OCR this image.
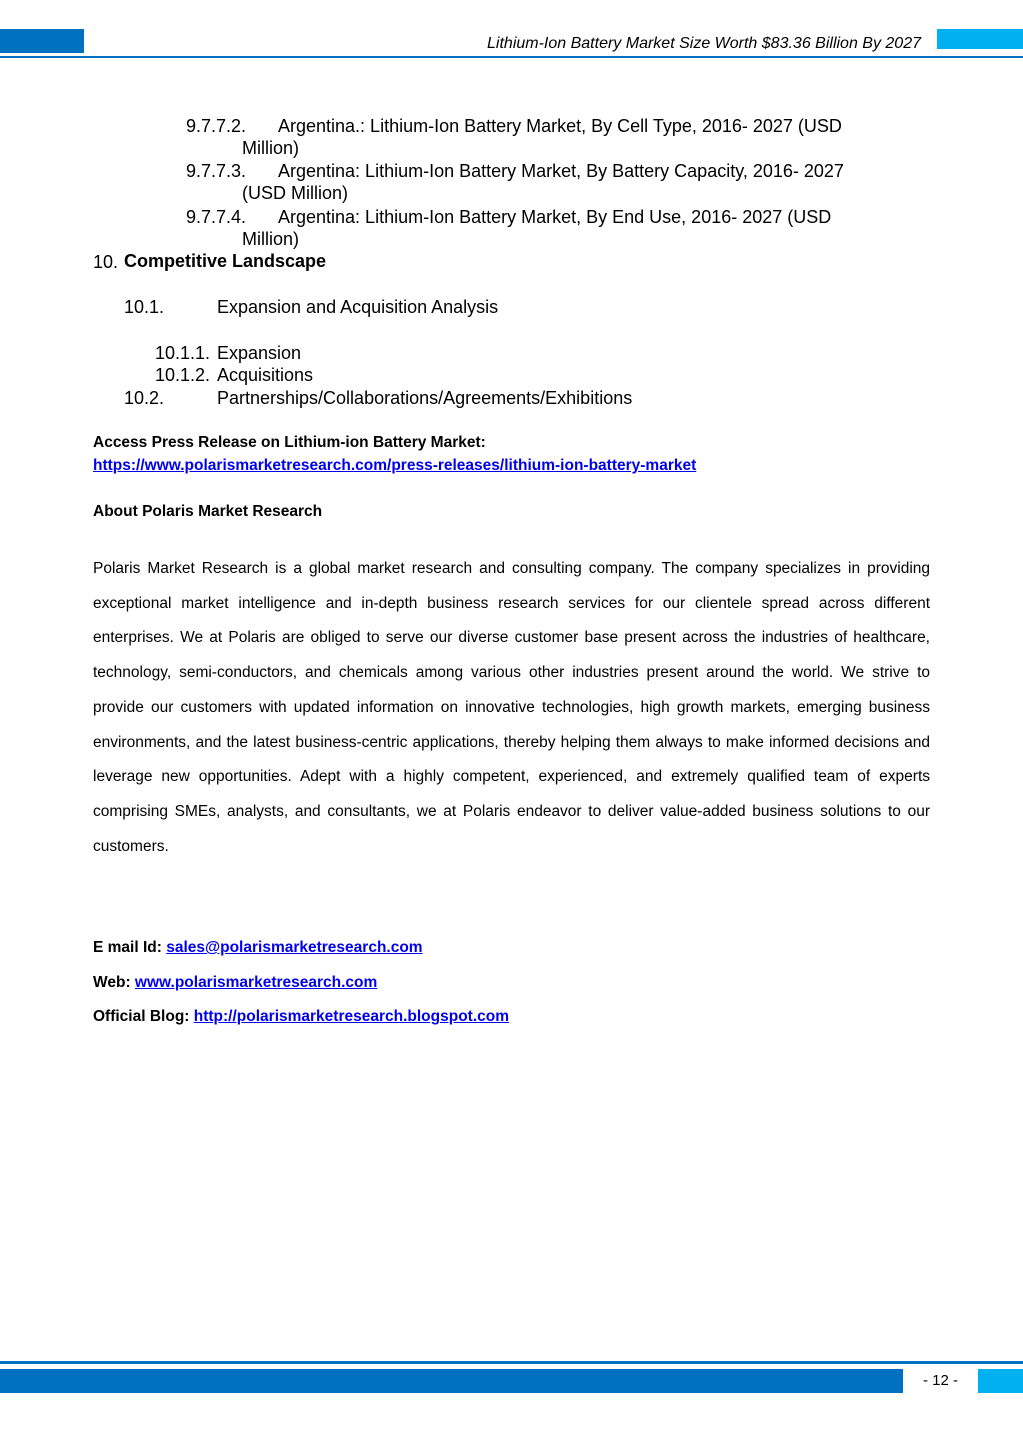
Lithium-Ion Battery Market Size Worth $83.36 Billion By 2027
9.7.7.2. Argentina.: Lithium-Ion Battery Market, By Cell Type, 2016- 2027 (USD
Million)
9.7.7.3. Argentina: Lithium-Ion Battery Market, By Battery Capacity, 2016- 2027
(USD Million)
9.7.7.4. Argentina: Lithium-Ion Battery Market, By End Use, 2016- 2027 (USD
Million)
10. Competitive Landscape
10.1.	Expansion and Acquisition Analysis
10.1.1. Expansion
10.1.2. Acquisitions
10.2.	Partnerships/Collaborations/Agreements/Exhibitions
Access Press Release on Lithium-ion Battery Market:
https://www.polarismarketresearch.com/press-releases/lithium-ion-battery-market
About Polaris Market Research
Polaris Market Research is a global market research and consulting company. The company specializes in providing exceptional market intelligence and in-depth business research services for our clientele spread across different enterprises. We at Polaris are obliged to serve our diverse customer base present across the industries of healthcare, technology, semi-conductors, and chemicals among various other industries present around the world. We strive to provide our customers with updated information on innovative technologies, high growth markets, emerging business environments, and the latest business-centric applications, thereby helping them always to make informed decisions and leverage new opportunities. Adept with a highly competent, experienced, and extremely qualified team of experts comprising SMEs, analysts, and consultants, we at Polaris endeavor to deliver value-added business solutions to our customers.
E mail Id: sales@polarismarketresearch.com
Web: www.polarismarketresearch.com
Official Blog: http://polarismarketresearch.blogspot.com
- 12 -
